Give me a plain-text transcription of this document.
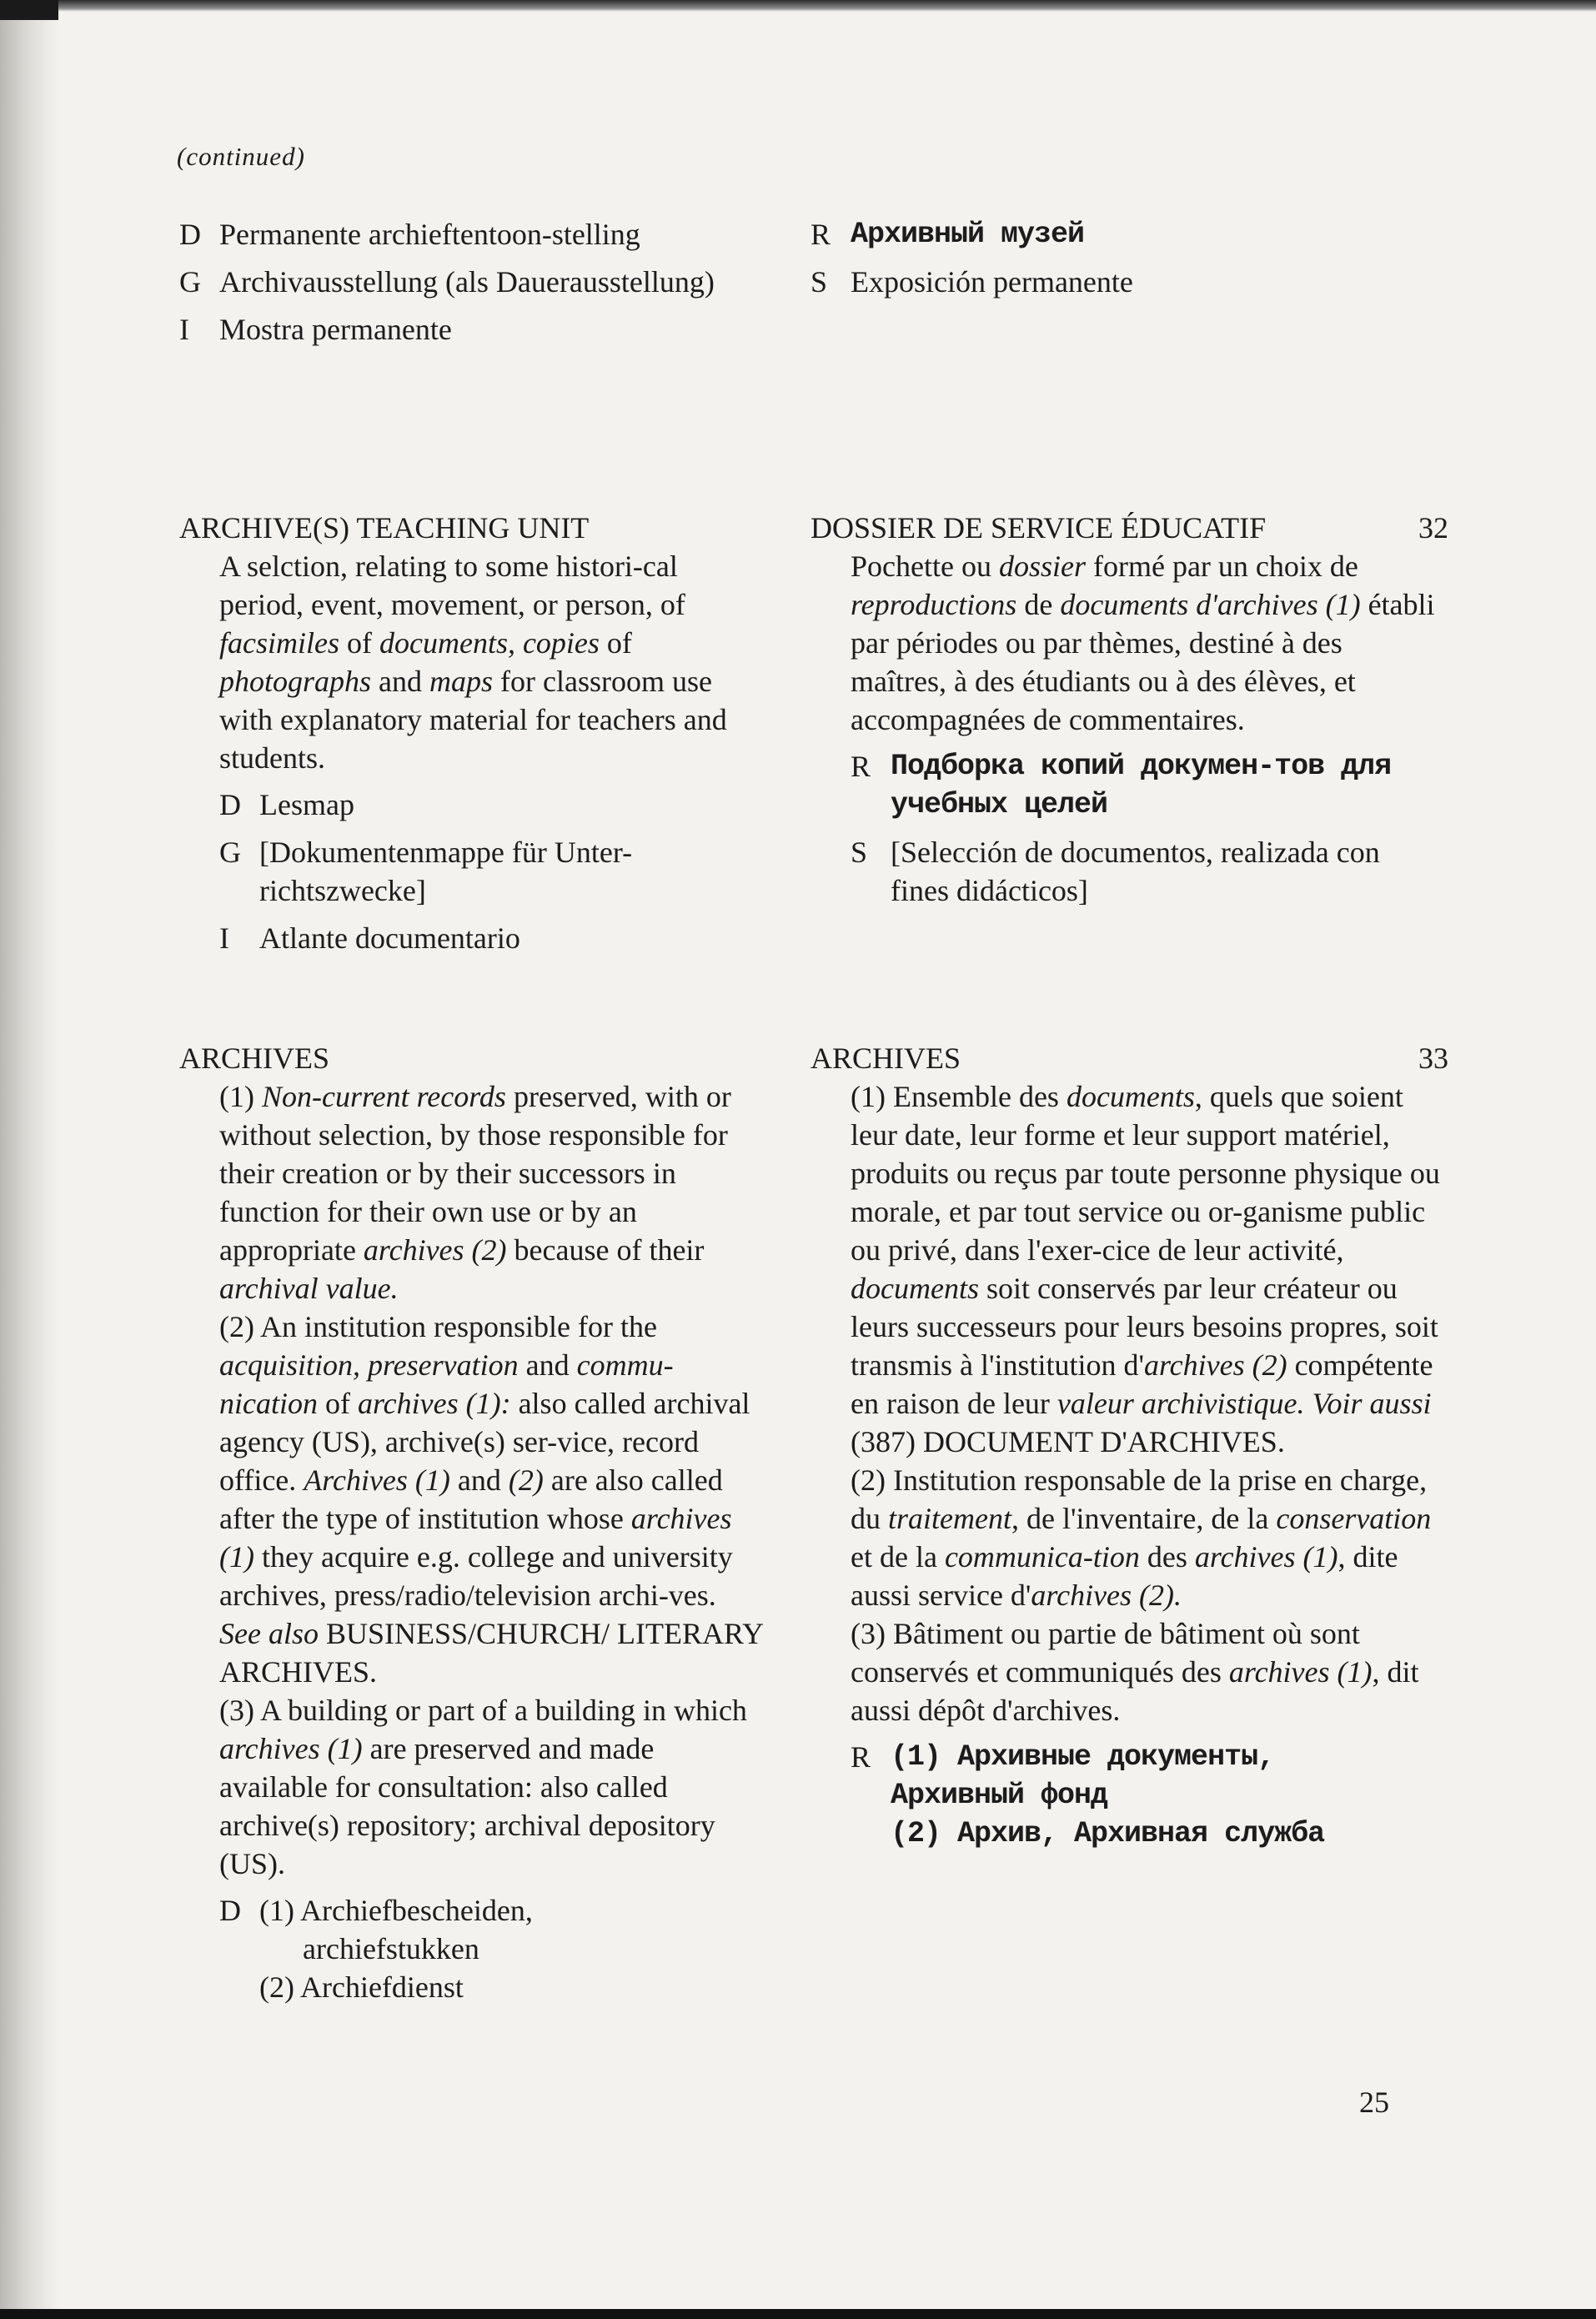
(continued)
D Permanente archieftentoon-stelling
G Archivausstellung (als Dauerausstellung)
I	Mostra permanente

ARCHIVE(S) TEACHING UNIT

A selction, relating to some histori-cal period, event, movement, or person, of facsimiles of documents, copies of photographs and maps for classroom use with explanatory material for teachers and students.

D Lesmap
G [Dokumentenmappe für Unter-richtszwecke]
I	Atlante documentario

ARCHIVES

(1) Non-current records preserved, with or without selection, by those responsible for their creation or by their successors in function for their own use or by an appropriate archives (2) because of their archival value.

(2) An institution responsible for the acquisition, preservation and commu-nication of archives (1): also called archival agency (US), archive(s) ser-vice, record office. Archives (1) and (2) are also called after the type of institution whose archives (1) they acquire e.g. college and university archives, press/radio/television archi-ves. See also BUSINESS/CHURCH/ LITERARY ARCHIVES.

(3) A building or part of a building in which archives (1) are preserved and made available for consultation: also called archive(s) repository; archival depository (US).

D (1) Archiefbescheiden,
archiefstukken
(2) Archiefdienst
R Архивный музей
S Exposición permanente

DOSSIER DE SERVICE ÉDUCATIF	32

Pochette ou dossier formé par un choix de reproductions de documents d'archives (1) établi par périodes ou par thèmes, destiné à des maîtres, à des étudiants ou à des élèves, et accompagnées de commentaires.

R Подборка копий докумен-тов для учебных целей
S [Selección de documentos, realizada con fines didácticos]

ARCHIVES	33

(1) Ensemble des documents, quels que soient leur date, leur forme et leur support matériel, produits ou reçus par toute personne physique ou morale, et par tout service ou or-ganisme public ou privé, dans l'exer-cice de leur activité, documents soit conservés par leur créateur ou leurs successeurs pour leurs besoins propres, soit transmis à l'institution d'archives (2) compétente en raison de leur valeur archivistique. Voir aussi (387) DOCUMENT D'ARCHIVES.

(2) Institution responsable de la prise en charge, du traitement, de l'inventaire, de la conservation et de la communica-tion des archives (1), dite aussi service d'archives (2).

(3) Bâtiment ou partie de bâtiment où sont conservés et communiqués des archives (1), dit aussi dépôt d'archives.

R (1) Архивные документы,
Архивный фонд
(2) Архив, Архивная служба
25
